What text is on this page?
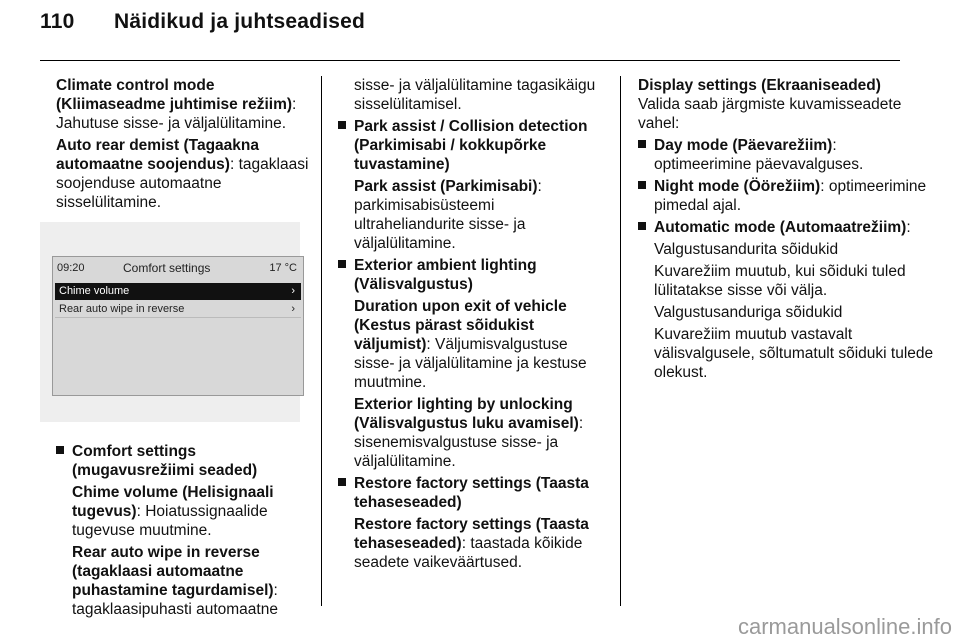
110 Näidikud ja juhtseadised

Climate control mode (Kliimaseadme juhtimise režiim): Jahutuse sisse- ja väljalülitamine.

Auto rear demist (Tagaakna automaatne soojendus): tagaklaasi soojenduse automaatne sisselülitamine.

09:20	Comfort settings	17 °C
Chime volume	›
Rear auto wipe in reverse	›
Comfort settings (mugavusrežiimi seaded)

Chime volume (Helisignaali tugevus): Hoiatussignaalide tugevuse muutmine.

Rear auto wipe in reverse (tagaklaasi automaatne puhastamine tagurdamisel): tagaklaasipuhasti automaatne

sisse- ja väljalülitamine tagasikäigu sisselülitamisel.

Park assist / Collision detection (Parkimisabi / kokkupõrke tuvastamine)

Park assist (Parkimisabi): parkimisabisüsteemi ultraheliandurite sisse- ja väljalülitamine.

Exterior ambient lighting (Välisvalgustus)

Duration upon exit of vehicle (Kestus pärast sõidukist väljumist): Väljumisvalgustuse sisse- ja väljalülitamine ja kestuse muutmine.

Exterior lighting by unlocking (Välisvalgustus luku avamisel): sisenemisvalgustuse sisse- ja väljalülitamine.

Restore factory settings (Taasta tehaseseaded)

Restore factory settings (Taasta tehaseseaded): taastada kõikide seadete vaikeväärtused.

Display settings (Ekraaniseaded)
Valida saab järgmiste kuvamisseadete vahel:

Day mode (Päevarežiim): optimeerimine päevavalguses.
Night mode (Öörežiim): optimeerimine pimedal ajal.
Automatic mode (Automaatrežiim):

Valgustusandurita sõidukid

Kuvarežiim muutub, kui sõiduki tuled lülitatakse sisse või välja.

Valgustusanduriga sõidukid

Kuvarežiim muutub vastavalt välisvalgusele, sõltumatult sõiduki tulede olekust.

carmanualsonline.info
